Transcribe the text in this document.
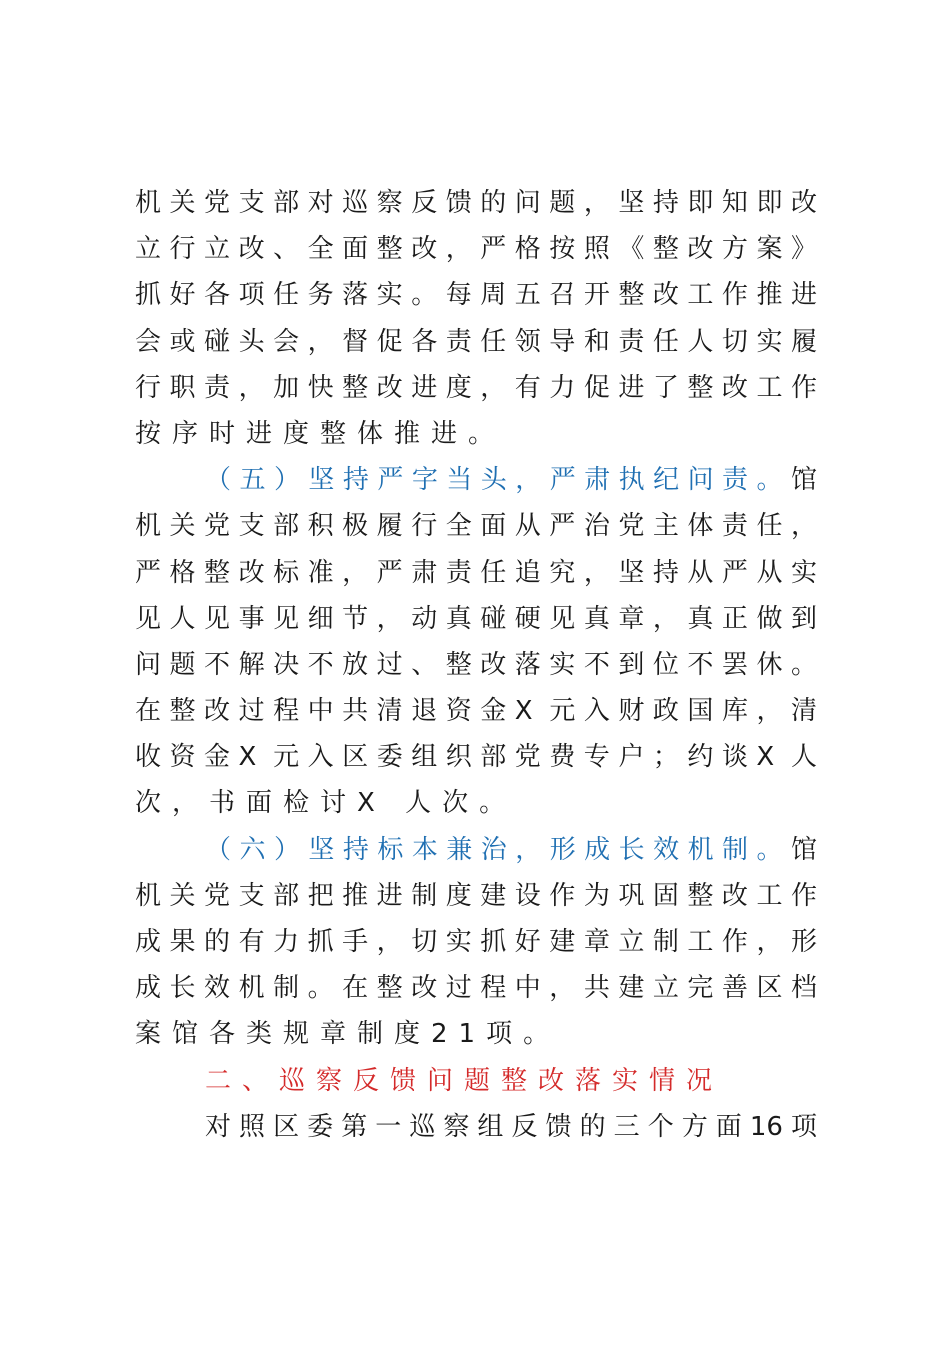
机关党支部对巡察反馈的问题，坚持即知即改
立行立改、全面整改，严格按照《整改方案》
抓好各项任务落实。每周五召开整改工作推进
会或碰头会，督促各责任领导和责任人切实履
行职责，加快整改进度，有力促进了整改工作
按序时进度整体推进。
（五）坚持严字当头，严肃执纪问责。馆
机关党支部积极履行全面从严治党主体责任，
严格整改标准，严肃责任追究，坚持从严从实
见人见事见细节，动真碰硬见真章，真正做到
问题不解决不放过、整改落实不到位不罢休。
在整改过程中共清退资金X 元入财政国库，清
收资金X 元入区委组织部党费专户；约谈X 人
次，书面检讨X 人次。
（六）坚持标本兼治，形成长效机制。馆
机关党支部把推进制度建设作为巩固整改工作
成果的有力抓手，切实抓好建章立制工作，形
成长效机制。在整改过程中，共建立完善区档
案馆各类规章制度21项。
二、巡察反馈问题整改落实情况
对照区委第一巡察组反馈的三个方面16项
